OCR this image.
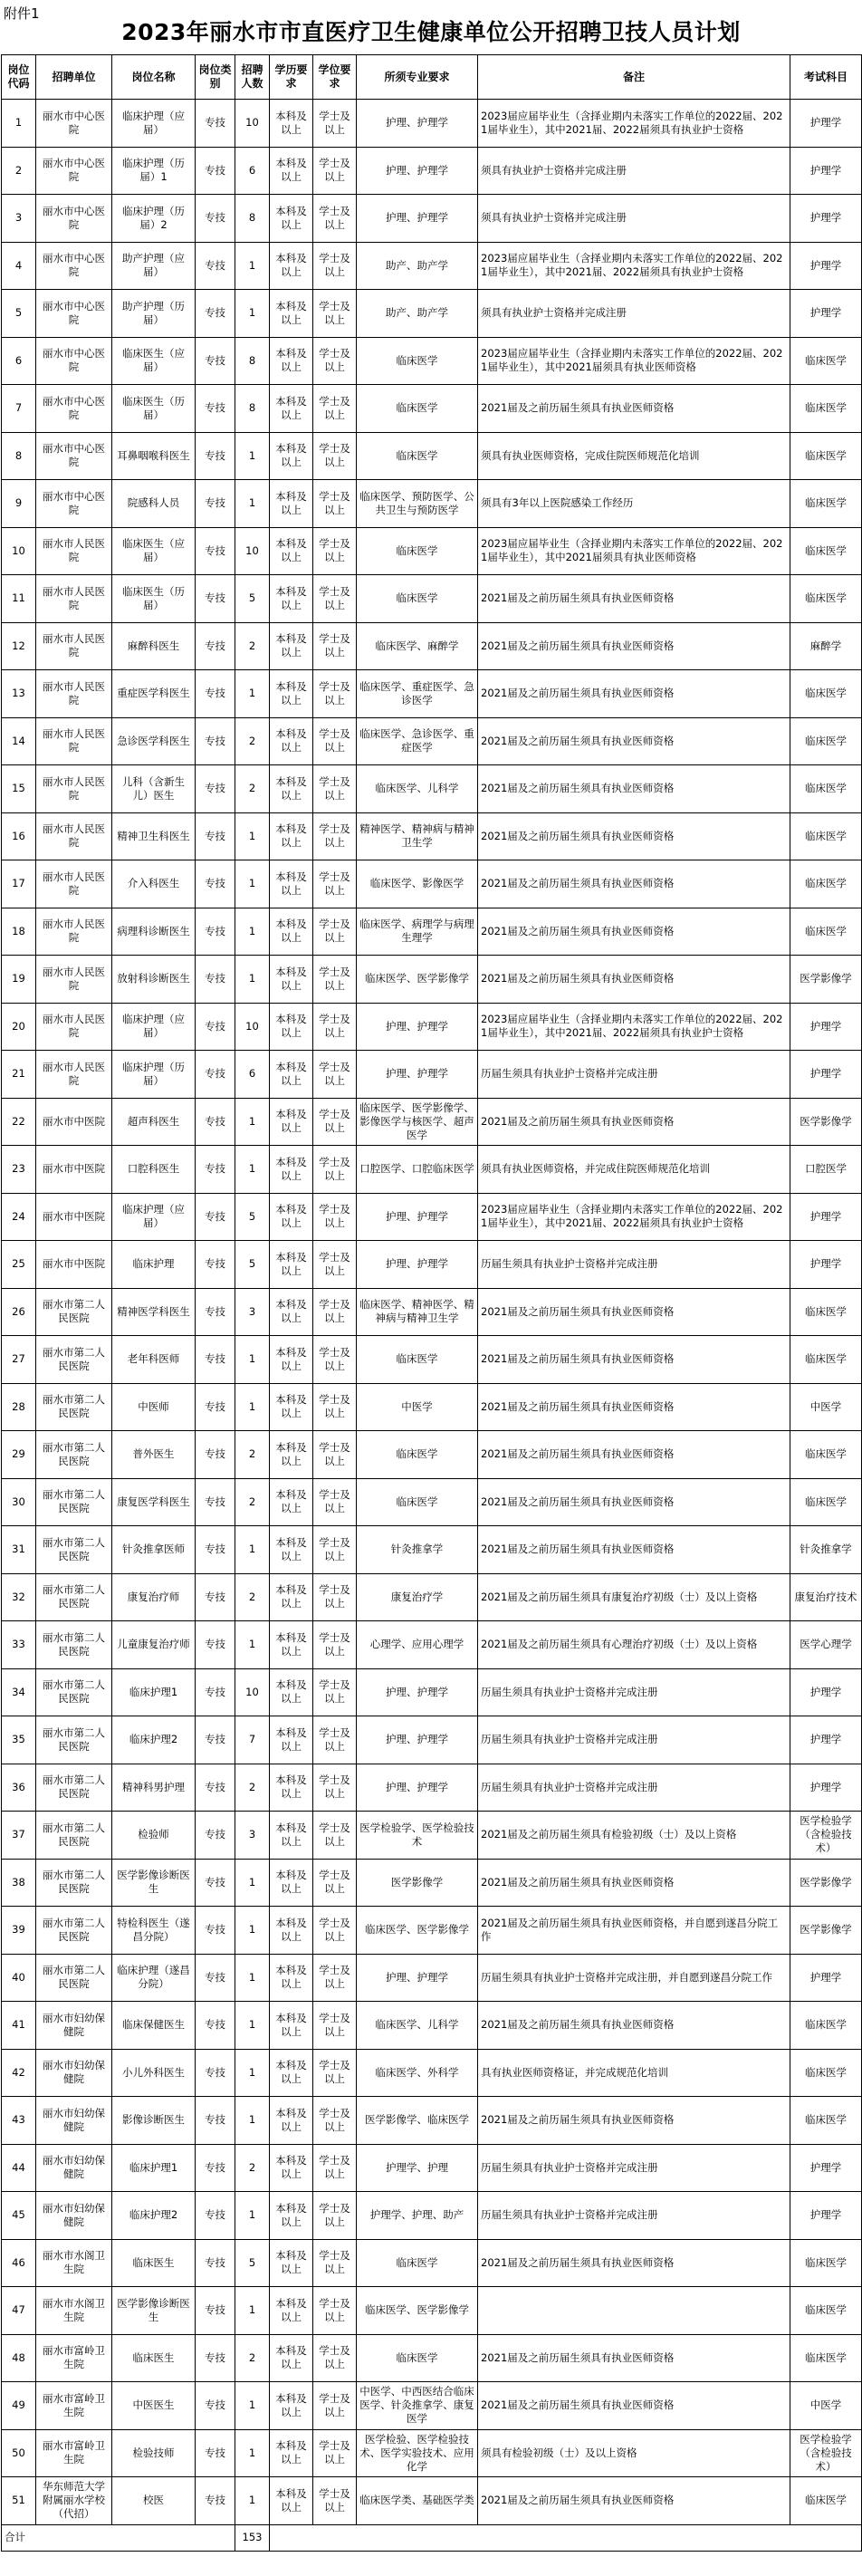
附件1
2023年丽水市市直医疗卫生健康单位公开招聘卫技人员计划
岗位代码	招聘单位	岗位名称	岗位类别	招聘人数	学历要求	学位要求	所须专业要求	备注	考试科目
1	丽水市中心医院	临床护理（应届）	专技	10	本科及以上	学士及以上	护理、护理学	2023届应届毕业生（含择业期内未落实工作单位的2022届、2021届毕业生），其中2021届、2022届须具有执业护士资格	护理学
2	丽水市中心医院	临床护理（历届）1	专技	6	本科及以上	学士及以上	护理、护理学	须具有执业护士资格并完成注册	护理学
3	丽水市中心医院	临床护理（历届）2	专技	8	本科及以上	学士及以上	护理、护理学	须具有执业护士资格并完成注册	护理学
4	丽水市中心医院	助产护理（应届）	专技	1	本科及以上	学士及以上	助产、助产学	2023届应届毕业生（含择业期内未落实工作单位的2022届、2021届毕业生），其中2021届、2022届须具有执业护士资格	护理学
5	丽水市中心医院	助产护理（历届）	专技	1	本科及以上	学士及以上	助产、助产学	须具有执业护士资格并完成注册	护理学
6	丽水市中心医院	临床医生（应届）	专技	8	本科及以上	学士及以上	临床医学	2023届应届毕业生（含择业期内未落实工作单位的2022届、2021届毕业生），其中2021届须具有执业医师资格	临床医学
7	丽水市中心医院	临床医生（历届）	专技	8	本科及以上	学士及以上	临床医学	2021届及之前历届生须具有执业医师资格	临床医学
8	丽水市中心医院	耳鼻咽喉科医生	专技	1	本科及以上	学士及以上	临床医学	须具有执业医师资格，完成住院医师规范化培训	临床医学
9	丽水市中心医院	院感科人员	专技	1	本科及以上	学士及以上	临床医学、预防医学、公共卫生与预防医学	须具有3年以上医院感染工作经历	临床医学
10	丽水市人民医院	临床医生（应届）	专技	10	本科及以上	学士及以上	临床医学	2023届应届毕业生（含择业期内未落实工作单位的2022届、2021届毕业生），其中2021届须具有执业医师资格	临床医学
11	丽水市人民医院	临床医生（历届）	专技	5	本科及以上	学士及以上	临床医学	2021届及之前历届生须具有执业医师资格	临床医学
12	丽水市人民医院	麻醉科医生	专技	2	本科及以上	学士及以上	临床医学、麻醉学	2021届及之前历届生须具有执业医师资格	麻醉学
13	丽水市人民医院	重症医学科医生	专技	1	本科及以上	学士及以上	临床医学、重症医学、急诊医学	2021届及之前历届生须具有执业医师资格	临床医学
14	丽水市人民医院	急诊医学科医生	专技	2	本科及以上	学士及以上	临床医学、急诊医学、重症医学	2021届及之前历届生须具有执业医师资格	临床医学
15	丽水市人民医院	儿科（含新生儿）医生	专技	2	本科及以上	学士及以上	临床医学、儿科学	2021届及之前历届生须具有执业医师资格	临床医学
16	丽水市人民医院	精神卫生科医生	专技	1	本科及以上	学士及以上	精神医学、精神病与精神卫生学	2021届及之前历届生须具有执业医师资格	临床医学
17	丽水市人民医院	介入科医生	专技	1	本科及以上	学士及以上	临床医学、影像医学	2021届及之前历届生须具有执业医师资格	临床医学
18	丽水市人民医院	病理科诊断医生	专技	1	本科及以上	学士及以上	临床医学、病理学与病理生理学	2021届及之前历届生须具有执业医师资格	临床医学
19	丽水市人民医院	放射科诊断医生	专技	1	本科及以上	学士及以上	临床医学、医学影像学	2021届及之前历届生须具有执业医师资格	医学影像学
20	丽水市人民医院	临床护理（应届）	专技	10	本科及以上	学士及以上	护理、护理学	2023届应届毕业生（含择业期内未落实工作单位的2022届、2021届毕业生），其中2021届、2022届须具有执业护士资格	护理学
21	丽水市人民医院	临床护理（历届）	专技	6	本科及以上	学士及以上	护理、护理学	历届生须具有执业护士资格并完成注册	护理学
22	丽水市中医院	超声科医生	专技	1	本科及以上	学士及以上	临床医学、医学影像学、影像医学与核医学、超声医学	2021届及之前历届生须具有执业医师资格	医学影像学
23	丽水市中医院	口腔科医生	专技	1	本科及以上	学士及以上	口腔医学、口腔临床医学	须具有执业医师资格，并完成住院医师规范化培训	口腔医学
24	丽水市中医院	临床护理（应届）	专技	5	本科及以上	学士及以上	护理、护理学	2023届应届毕业生（含择业期内未落实工作单位的2022届、2021届毕业生），其中2021届、2022届须具有执业护士资格	护理学
25	丽水市中医院	临床护理	专技	5	本科及以上	学士及以上	护理、护理学	历届生须具有执业护士资格并完成注册	护理学
26	丽水市第二人民医院	精神医学科医生	专技	3	本科及以上	学士及以上	临床医学、精神医学、精神病与精神卫生学	2021届及之前历届生须具有执业医师资格	临床医学
27	丽水市第二人民医院	老年科医师	专技	1	本科及以上	学士及以上	临床医学	2021届及之前历届生须具有执业医师资格	临床医学
28	丽水市第二人民医院	中医师	专技	1	本科及以上	学士及以上	中医学	2021届及之前历届生须具有执业医师资格	中医学
29	丽水市第二人民医院	普外医生	专技	2	本科及以上	学士及以上	临床医学	2021届及之前历届生须具有执业医师资格	临床医学
30	丽水市第二人民医院	康复医学科医生	专技	2	本科及以上	学士及以上	临床医学	2021届及之前历届生须具有执业医师资格	临床医学
31	丽水市第二人民医院	针灸推拿医师	专技	1	本科及以上	学士及以上	针灸推拿学	2021届及之前历届生须具有执业医师资格	针灸推拿学
32	丽水市第二人民医院	康复治疗师	专技	2	本科及以上	学士及以上	康复治疗学	2021届及之前历届生须具有康复治疗初级（士）及以上资格	康复治疗技术
33	丽水市第二人民医院	儿童康复治疗师	专技	1	本科及以上	学士及以上	心理学、应用心理学	2021届及之前历届生须具有心理治疗初级（士）及以上资格	医学心理学
34	丽水市第二人民医院	临床护理1	专技	10	本科及以上	学士及以上	护理、护理学	历届生须具有执业护士资格并完成注册	护理学
35	丽水市第二人民医院	临床护理2	专技	7	本科及以上	学士及以上	护理、护理学	历届生须具有执业护士资格并完成注册	护理学
36	丽水市第二人民医院	精神科男护理	专技	2	本科及以上	学士及以上	护理、护理学	历届生须具有执业护士资格并完成注册	护理学
37	丽水市第二人民医院	检验师	专技	3	本科及以上	学士及以上	医学检验学、医学检验技术	2021届及之前历届生须具有检验初级（士）及以上资格	医学检验学（含检验技术）
38	丽水市第二人民医院	医学影像诊断医生	专技	1	本科及以上	学士及以上	医学影像学	2021届及之前历届生须具有执业医师资格	医学影像学
39	丽水市第二人民医院	特检科医生（遂昌分院）	专技	1	本科及以上	学士及以上	临床医学、医学影像学	2021届及之前历届生须具有执业医师资格，并自愿到遂昌分院工作	医学影像学
40	丽水市第二人民医院	临床护理（遂昌分院）	专技	1	本科及以上	学士及以上	护理、护理学	历届生须具有执业护士资格并完成注册，并自愿到遂昌分院工作	护理学
41	丽水市妇幼保健院	临床保健医生	专技	1	本科及以上	学士及以上	临床医学、儿科学	2021届及之前历届生须具有执业医师资格	临床医学
42	丽水市妇幼保健院	小儿外科医生	专技	1	本科及以上	学士及以上	临床医学、外科学	具有执业医师资格证，并完成规范化培训	临床医学
43	丽水市妇幼保健院	影像诊断医生	专技	1	本科及以上	学士及以上	医学影像学、临床医学	2021届及之前历届生须具有执业医师资格	临床医学
44	丽水市妇幼保健院	临床护理1	专技	2	本科及以上	学士及以上	护理学、护理	历届生须具有执业护士资格并完成注册	护理学
45	丽水市妇幼保健院	临床护理2	专技	1	本科及以上	学士及以上	护理学、护理、助产	历届生须具有执业护士资格并完成注册	护理学
46	丽水市水阁卫生院	临床医生	专技	5	本科及以上	学士及以上	临床医学	2021届及之前历届生须具有执业医师资格	临床医学
47	丽水市水阁卫生院	医学影像诊断医生	专技	1	本科及以上	学士及以上	临床医学、医学影像学		临床医学
48	丽水市富岭卫生院	临床医生	专技	2	本科及以上	学士及以上	临床医学	2021届及之前历届生须具有执业医师资格	临床医学
49	丽水市富岭卫生院	中医医生	专技	1	本科及以上	学士及以上	中医学、中西医结合临床医学、针灸推拿学、康复医学	2021届及之前历届生须具有执业医师资格	中医学
50	丽水市富岭卫生院	检验技师	专技	1	本科及以上	学士及以上	医学检验、医学检验技术、医学实验技术、应用化学	须具有检验初级（士）及以上资格	医学检验学（含检验技术）
51	华东师范大学附属丽水学校（代招）	校医	专技	1	本科及以上	学士及以上	临床医学类、基础医学类	2021届及之前历届生须具有执业医师资格	临床医学
合计				153					
